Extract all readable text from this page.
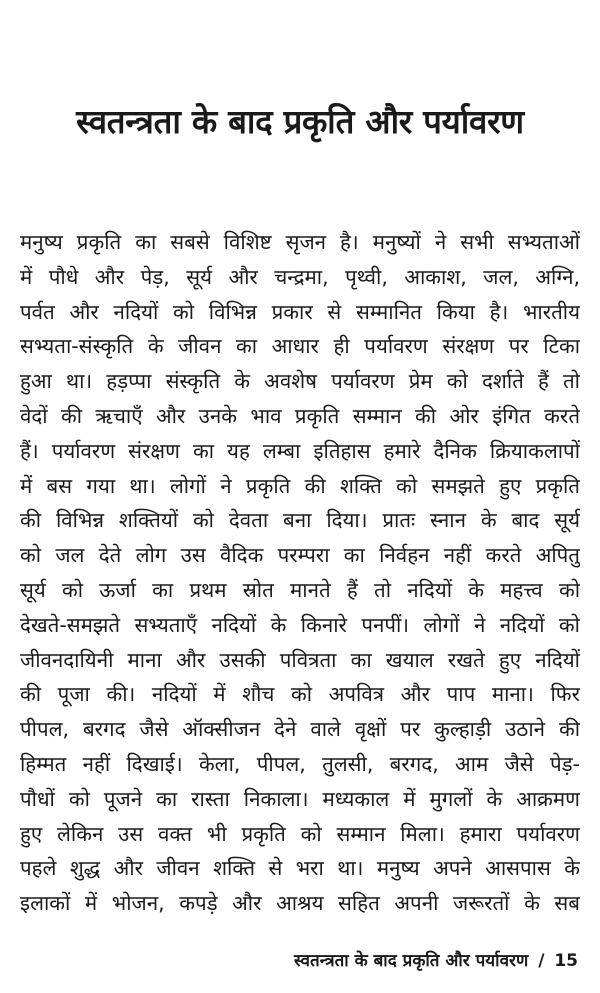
स्वतन्त्रता के बाद प्रकृति और पर्यावरण
मनुष्य प्रकृति का सबसे विशिष्ट सृजन है। मनुष्यों ने सभी सभ्यताओं
में पौधे और पेड़, सूर्य और चन्द्रमा, पृथ्वी, आकाश, जल, अग्नि,
पर्वत और नदियों को विभिन्न प्रकार से सम्मानित किया है। भारतीय
सभ्यता-संस्कृति के जीवन का आधार ही पर्यावरण संरक्षण पर टिका
हुआ था। हड़प्पा संस्कृति के अवशेष पर्यावरण प्रेम को दर्शाते हैं तो
वेदों की ऋचाएँ और उनके भाव प्रकृति सम्मान की ओर इंगित करते
हैं। पर्यावरण संरक्षण का यह लम्बा इतिहास हमारे दैनिक क्रियाकलापों
में बस गया था। लोगों ने प्रकृति की शक्ति को समझते हुए प्रकृति
की विभिन्न शक्तियों को देवता बना दिया। प्रातः स्नान के बाद सूर्य
को जल देते लोग उस वैदिक परम्परा का निर्वहन नहीं करते अपितु
सूर्य को ऊर्जा का प्रथम स्रोत मानते हैं तो नदियों के महत्त्व को
देखते-समझते सभ्यताएँ नदियों के किनारे पनपीं। लोगों ने नदियों को
जीवनदायिनी माना और उसकी पवित्रता का खयाल रखते हुए नदियों
की पूजा की। नदियों में शौच को अपवित्र और पाप माना। फिर
पीपल, बरगद जैसे ऑक्सीजन देने वाले वृक्षों पर कुल्हाड़ी उठाने की
हिम्मत नहीं दिखाई। केला, पीपल, तुलसी, बरगद, आम जैसे पेड़-
पौधों को पूजने का रास्ता निकाला। मध्यकाल में मुगलों के आक्रमण
हुए लेकिन उस वक्त भी प्रकृति को सम्मान मिला। हमारा पर्यावरण
पहले शुद्ध और जीवन शक्ति से भरा था। मनुष्य अपने आसपास के
इलाकों में भोजन, कपड़े और आश्रय सहित अपनी जरूरतों के सब
स्वतन्त्रता के बाद प्रकृति और पर्यावरण / 15
